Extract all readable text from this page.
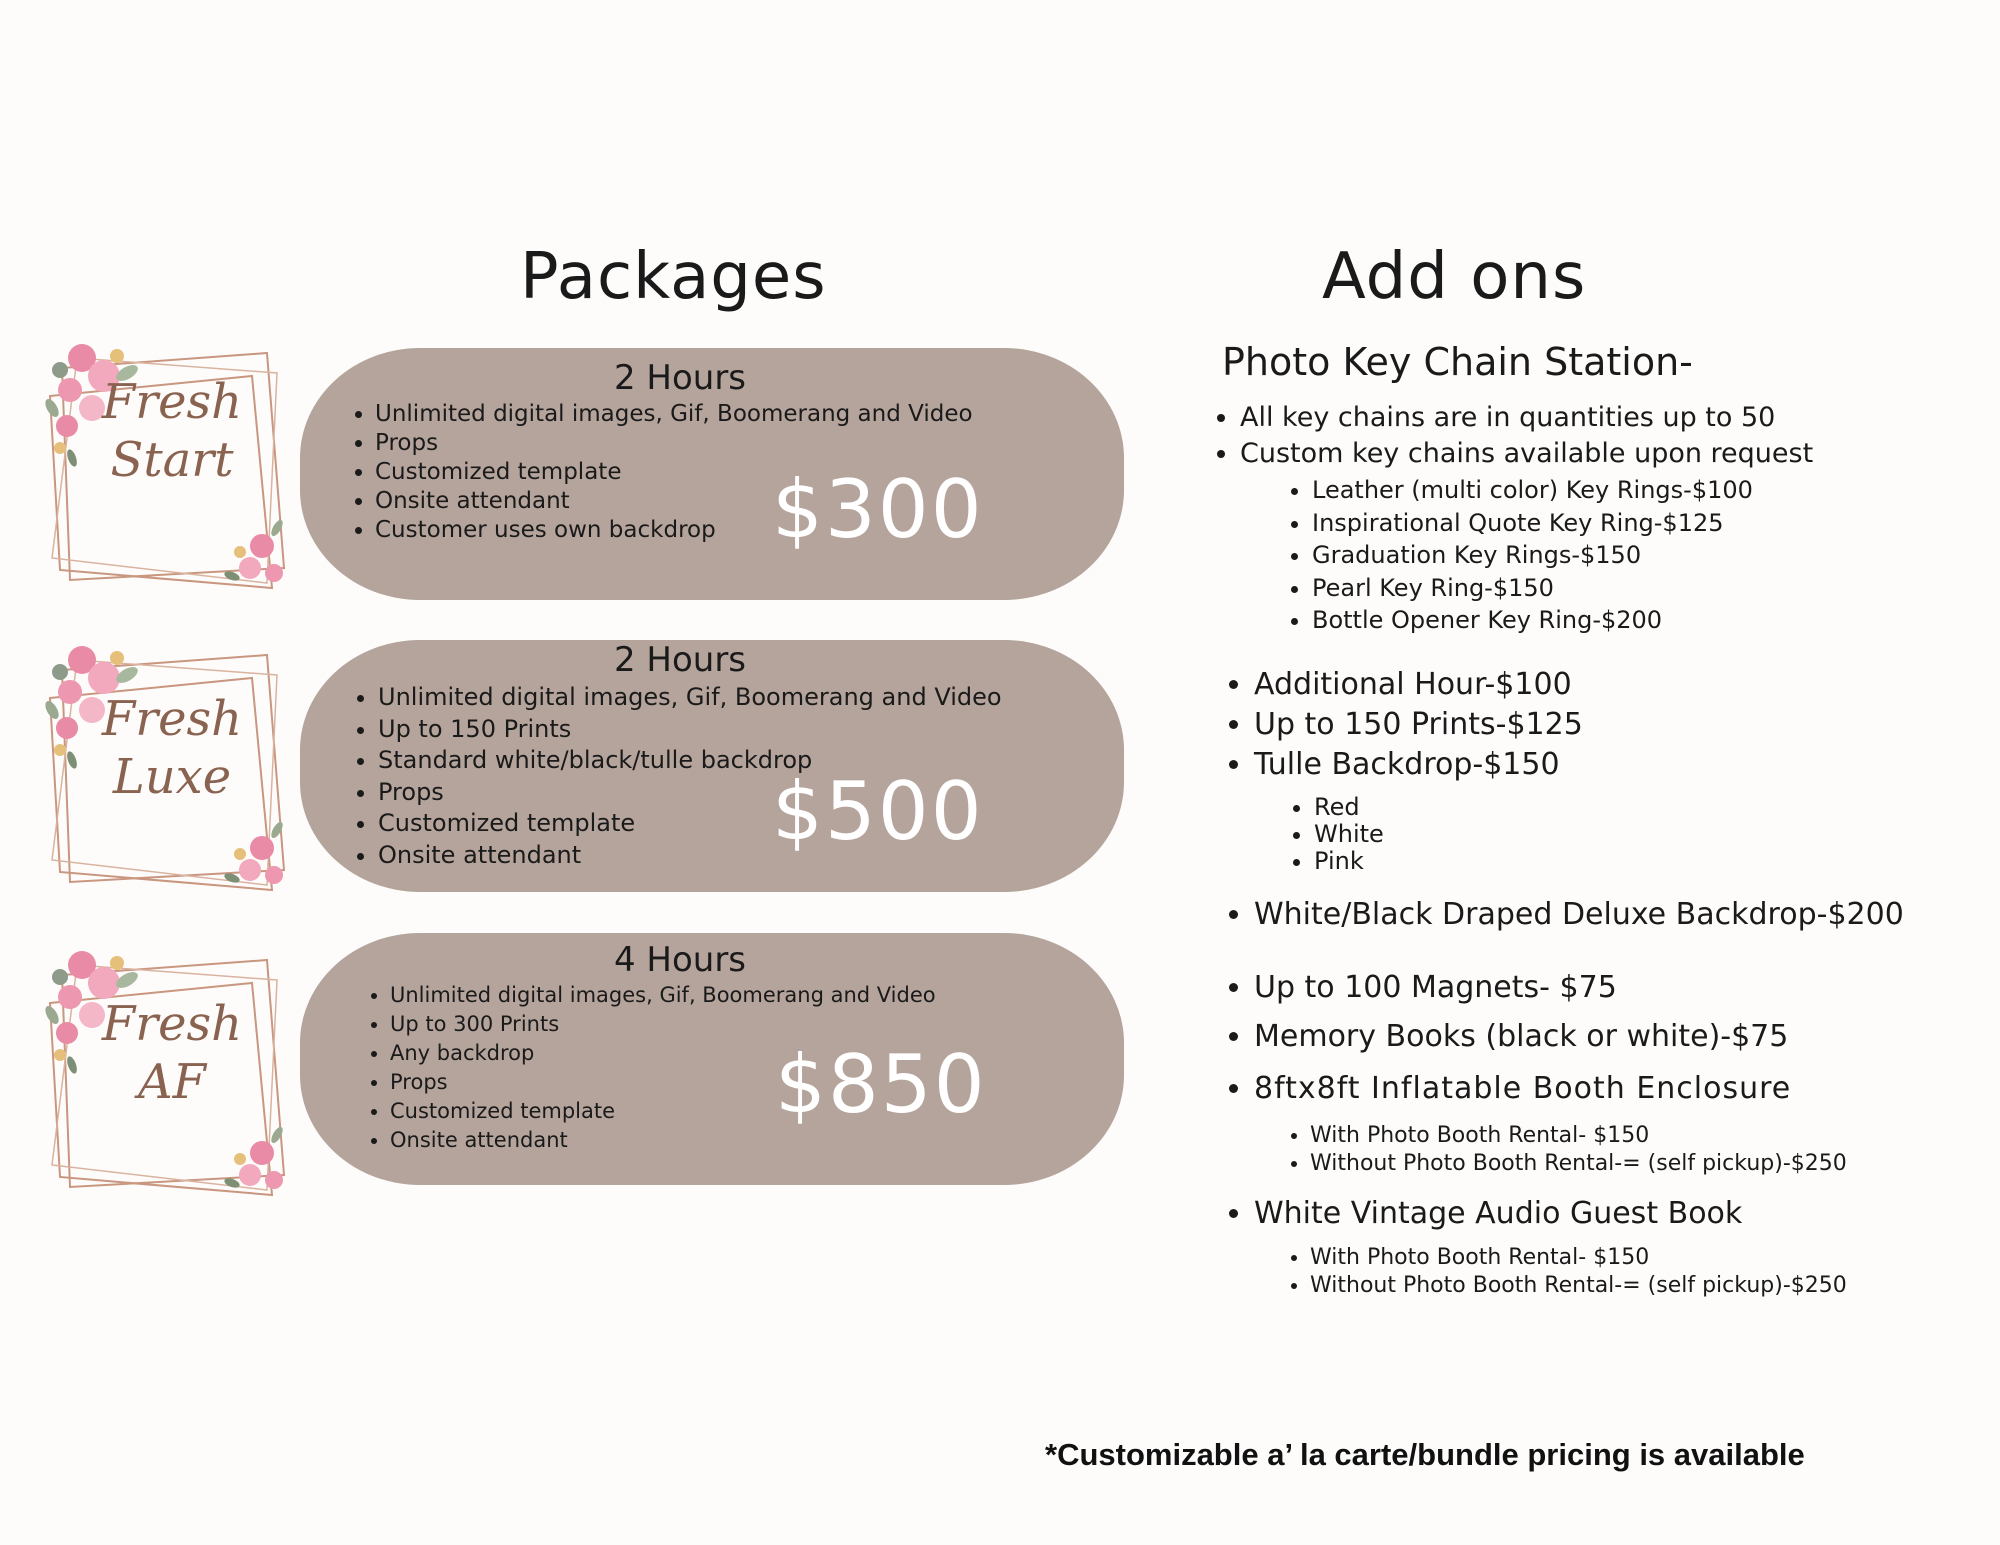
Packages	Add ons
Fresh
Start
2 Hours
• Unlimited digital images, Gif, Boomerang and Video
• Props
• Customized template
• Onsite attendant
• Customer uses own backdrop $300
Fresh
Luxe
2 Hours
• Unlimited digital images, Gif, Boomerang and Video
• Up to 150 Prints
• Standard white/black/tulle backdrop
• Props
• Customized template
• Onsite attendant	$500
Fresh
AF
4 Hours
• Unlimited digital images, Gif, Boomerang and Video
• Up to 300 Prints
• Any backdrop
• Props
• Customized template
• Onsite attendant
$850
Photo Key Chain Station-
• All key chains are in quantities up to 50
• Custom key chains available upon request
• Leather (multi color) Key Rings-$100
• Inspirational Quote Key Ring-$125
• Graduation Key Rings-$150
• Pearl Key Ring-$150
• Bottle Opener Key Ring-$200
• Additional Hour-$100
• Up to 150 Prints-$125
• Tulle Backdrop-$150
• Red
• White
• Pink
• White/Black Draped Deluxe Backdrop-$200
• Up to 100 Magnets- $75
• Memory Books (black or white)-$75
• 8ftx8ft Inflatable Booth Enclosure
• With Photo Booth Rental- $150
• Without Photo Booth Rental-= (self pickup)-$250
• White Vintage Audio Guest Book
• With Photo Booth Rental- $150
• Without Photo Booth Rental-= (self pickup)-$250
*Customizable a’ la carte/bundle pricing is available
